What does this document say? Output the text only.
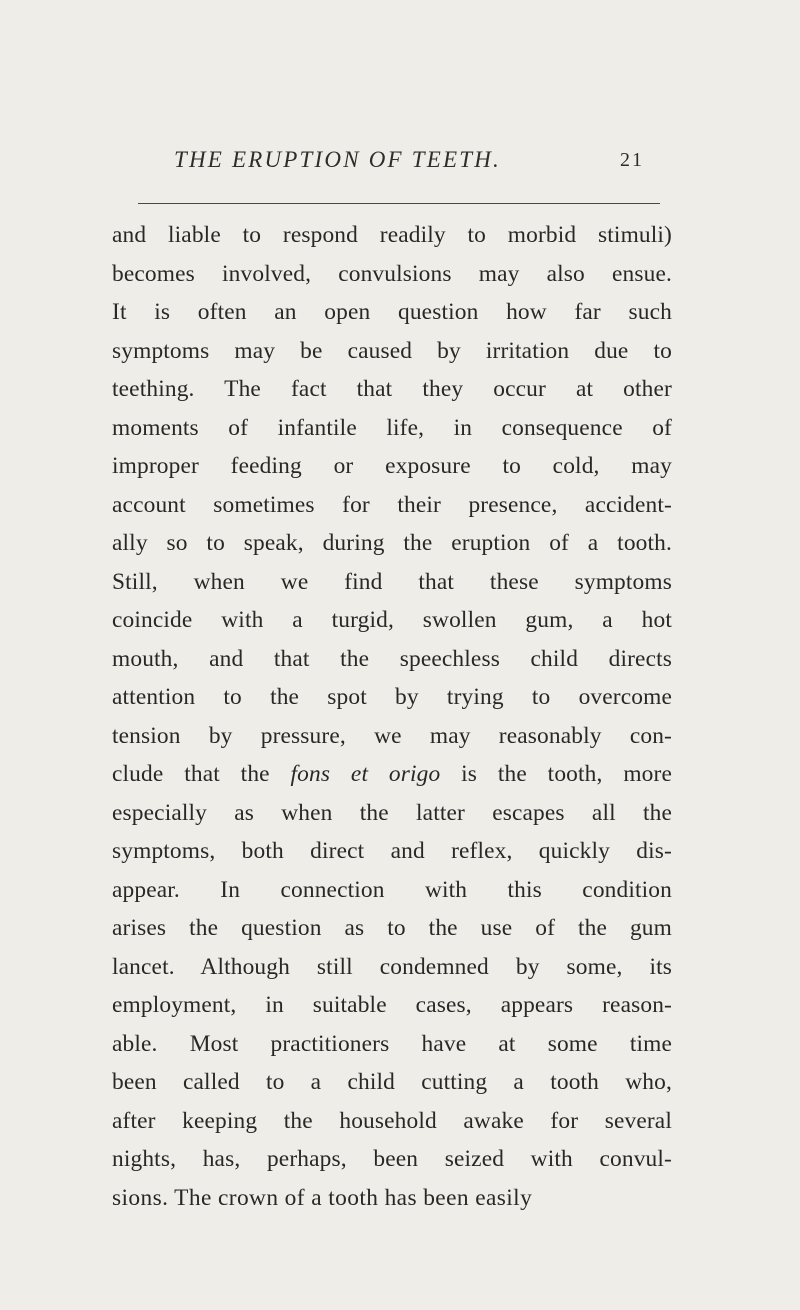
THE ERUPTION OF TEETH.	21
and liable to respond readily to morbid stimuli)
becomes involved, convulsions may also ensue.
It is often an open question how far such
symptoms may be caused by irritation due to
teething. The fact that they occur at other
moments of infantile life, in consequence of
improper feeding or exposure to cold, may
account sometimes for their presence, accident-
ally so to speak, during the eruption of a tooth.
Still, when we find that these symptoms
coincide with a turgid, swollen gum, a hot
mouth, and that the speechless child directs
attention to the spot by trying to overcome
tension by pressure, we may reasonably con-
clude that the fons et origo is the tooth, more
especially as when the latter escapes all the
symptoms, both direct and reflex, quickly dis-
appear. In connection with this condition
arises the question as to the use of the gum
lancet. Although still condemned by some, its
employment, in suitable cases, appears reason-
able. Most practitioners have at some time
been called to a child cutting a tooth who,
after keeping the household awake for several
nights, has, perhaps, been seized with convul-
sions. The crown of a tooth has been easily
